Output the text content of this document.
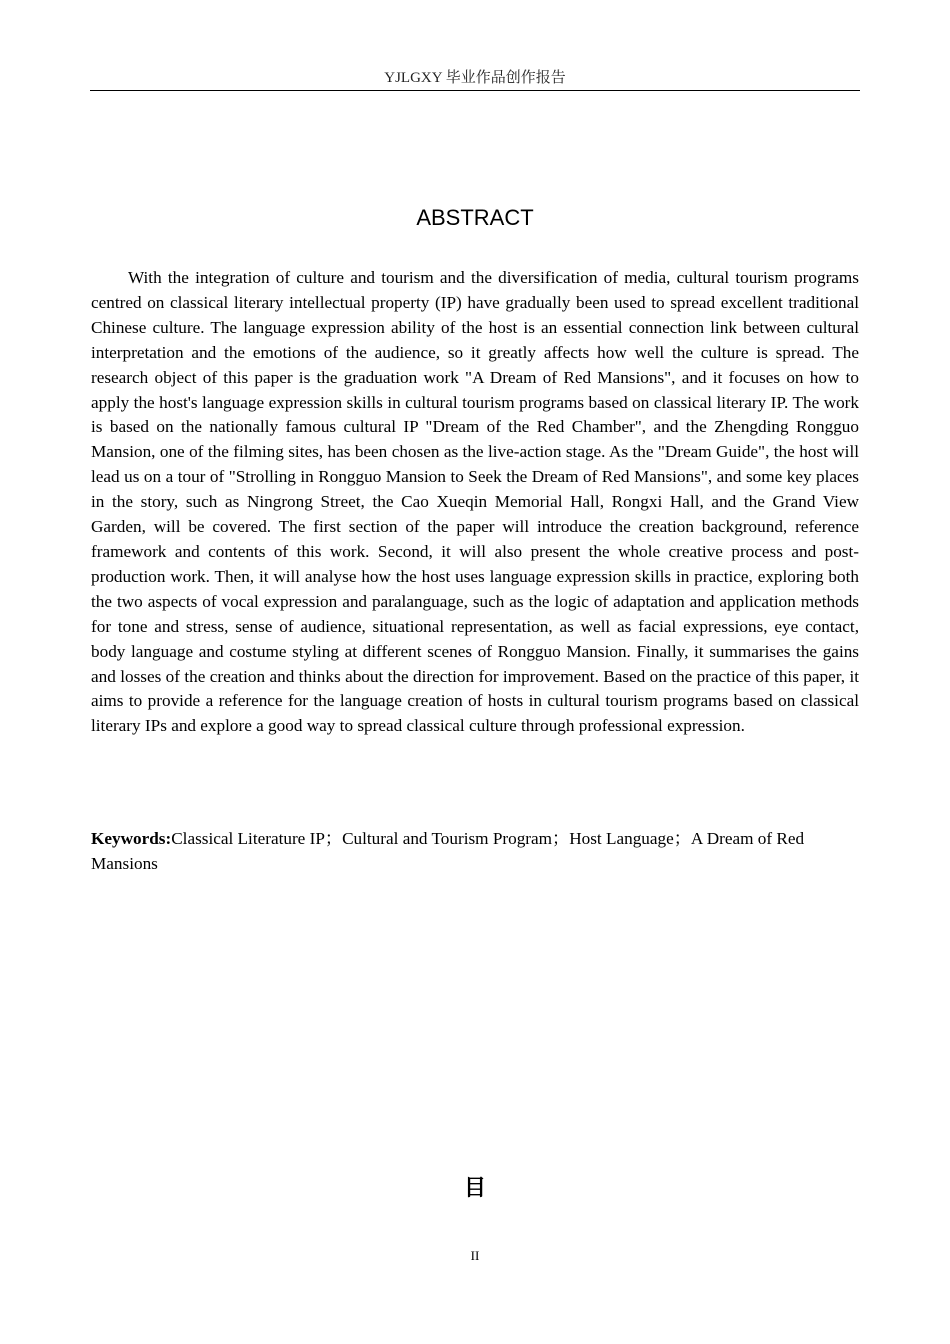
YJLGXY 毕业作品创作报告
ABSTRACT

With the integration of culture and tourism and the diversification of media, cultural tourism programs centred on classical literary intellectual property (IP) have gradually been used to spread excellent traditional Chinese culture. The language expression ability of the host is an essential connection link between cultural interpretation and the emotions of the audience, so it greatly affects how well the culture is spread. The research object of this paper is the graduation work "A Dream of Red Mansions", and it focuses on how to apply the host's language expression skills in cultural tourism programs based on classical literary IP. The work is based on the nationally famous cultural IP "Dream of the Red Chamber", and the Zhengding Rongguo Mansion, one of the filming sites, has been chosen as the live-action stage. As the "Dream Guide", the host will lead us on a tour of "Strolling in Rongguo Mansion to Seek the Dream of Red Mansions", and some key places in the story, such as Ningrong Street, the Cao Xueqin Memorial Hall, Rongxi Hall, and the Grand View Garden, will be covered. The first section of the paper will introduce the creation background, reference framework and contents of this work. Second, it will also present the whole creative process and post-production work. Then, it will analyse how the host uses language expression skills in practice, exploring both the two aspects of vocal expression and paralanguage, such as the logic of adaptation and application methods for tone and stress, sense of audience, situational representation, as well as facial expressions, eye contact, body language and costume styling at different scenes of Rongguo Mansion. Finally, it summarises the gains and losses of the creation and thinks about the direction for improvement. Based on the practice of this paper, it aims to provide a reference for the language creation of hosts in cultural tourism programs based on classical literary IPs and explore a good way to spread classical culture through professional expression.

Keywords:Classical Literature IP；Cultural and Tourism Program；Host Language；A Dream of Red Mansions

目
II
